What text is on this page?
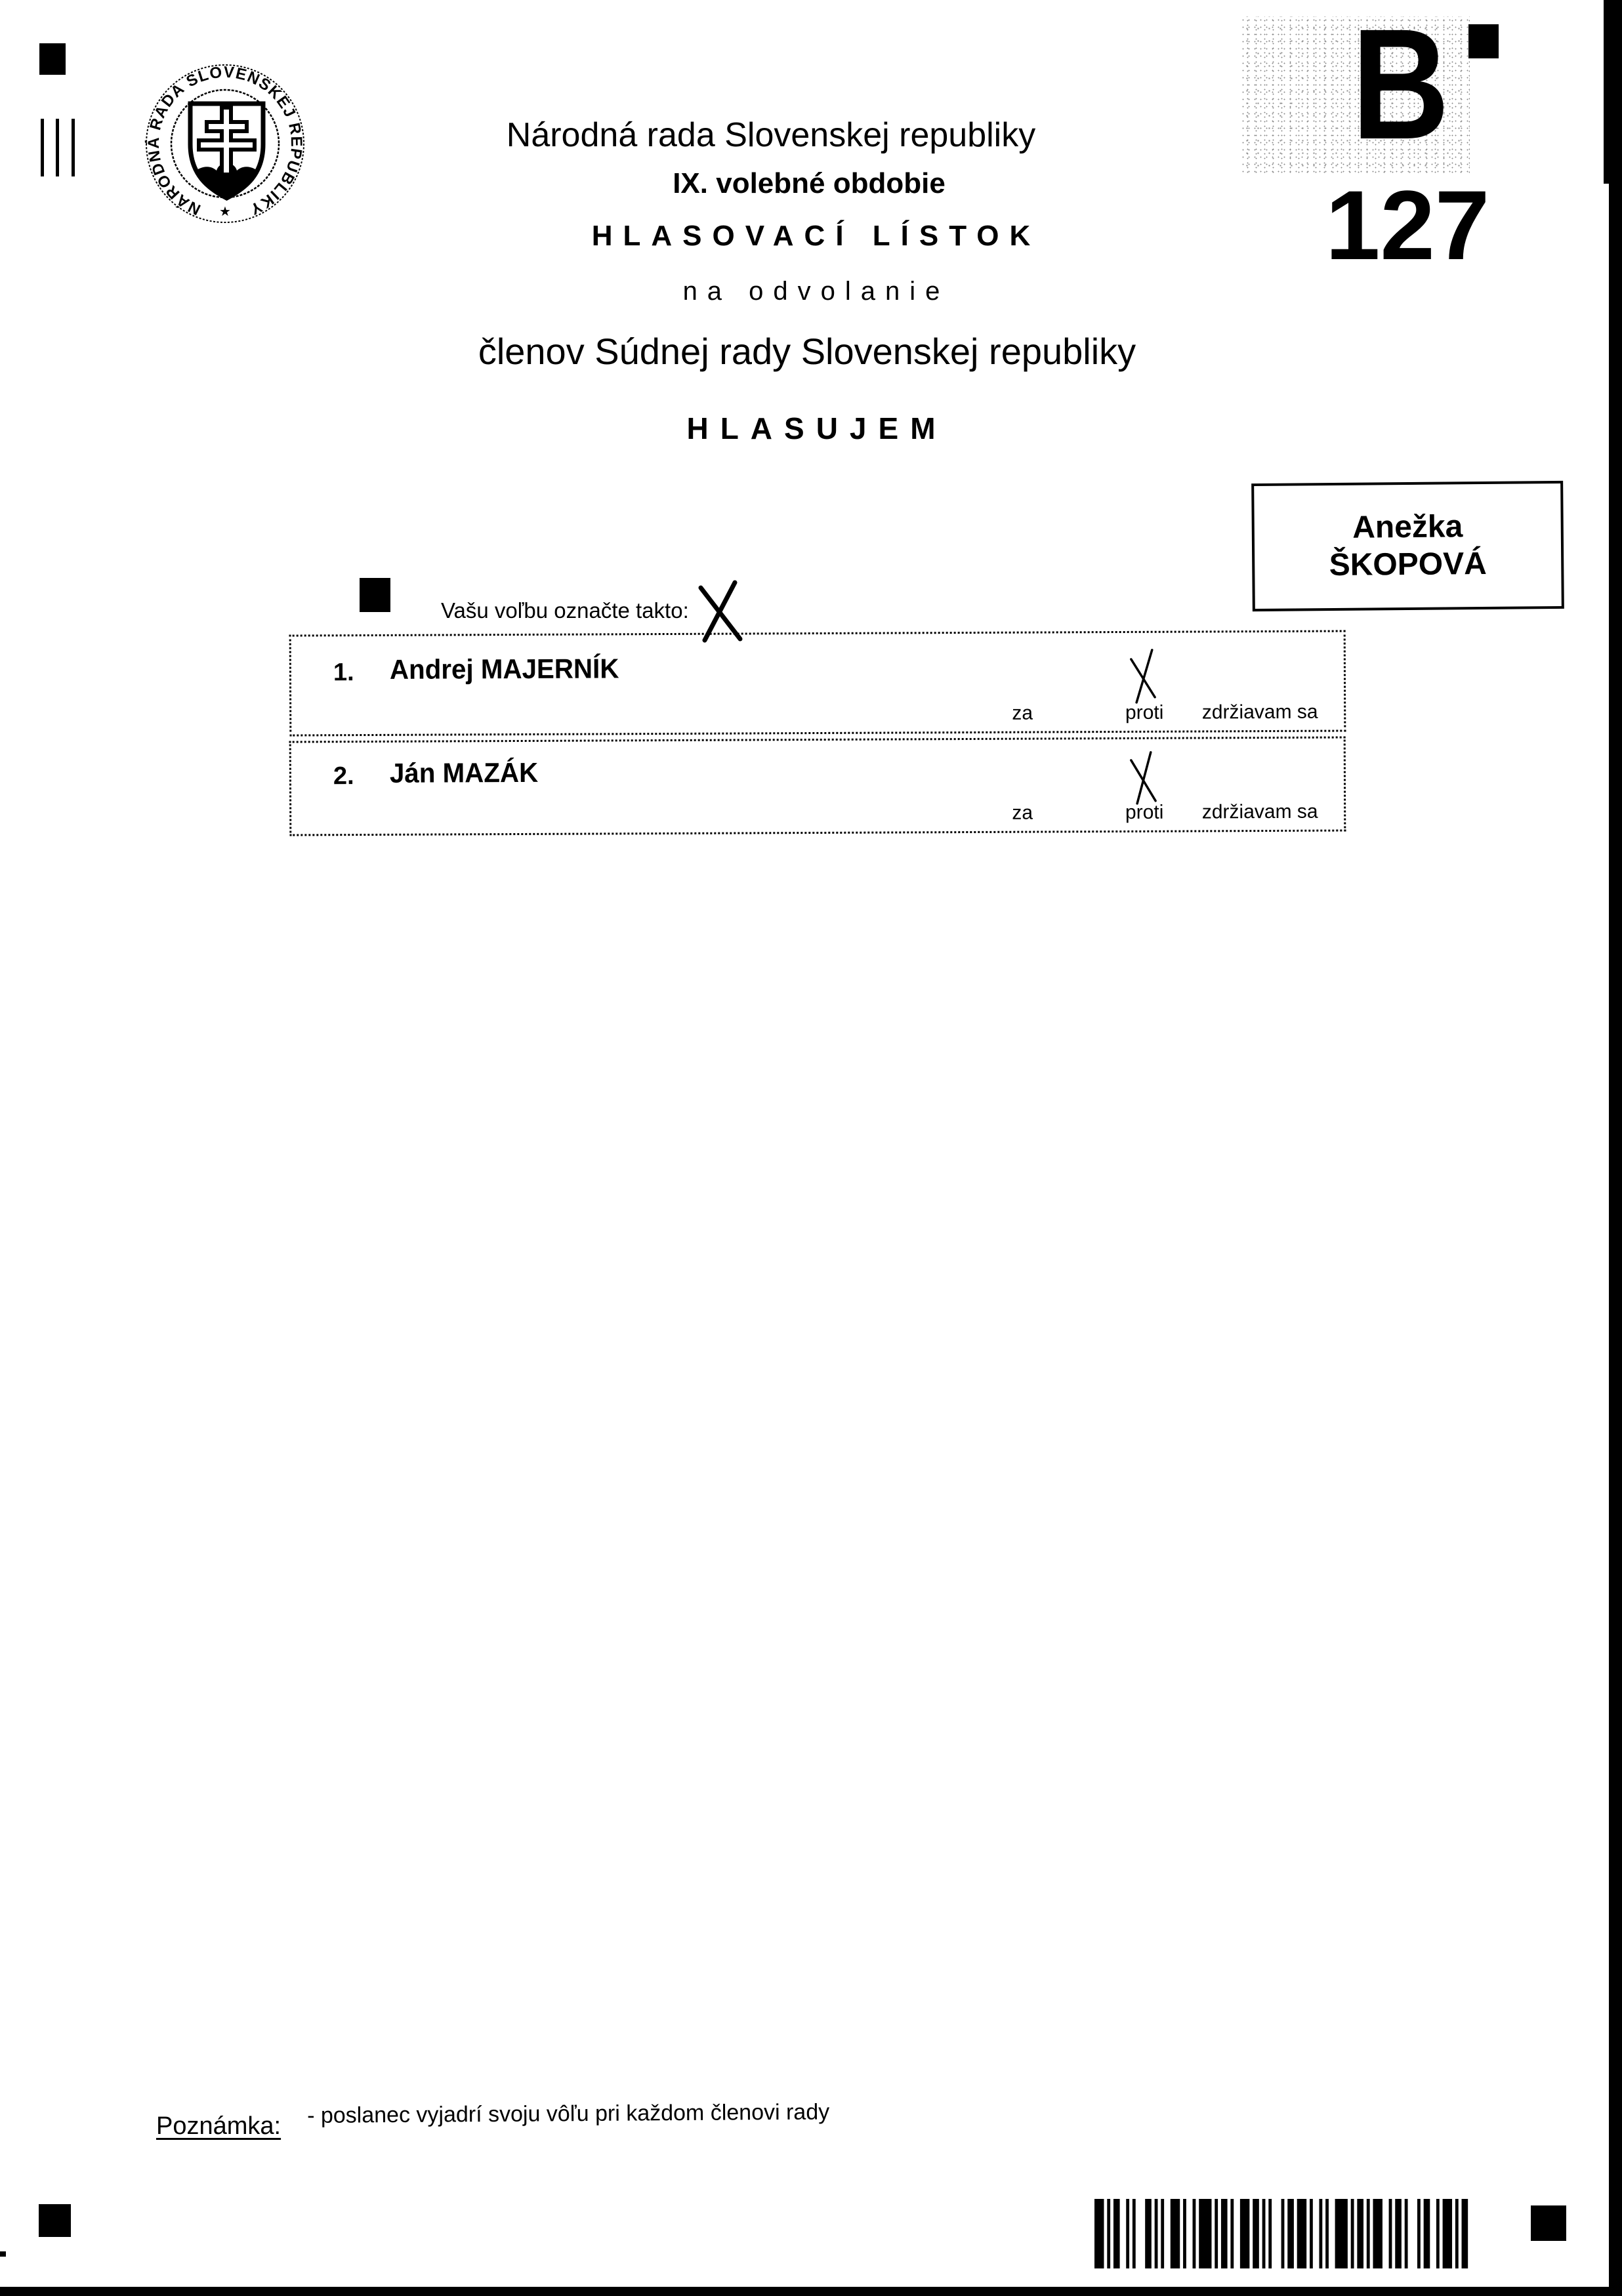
NÁRODNÁ RADA SLOVENSKEJ REPUBLIKY
★
Národná rada Slovenskej republiky
IX. volebné obdobie
HLASOVACÍ LÍSTOK
na odvolanie
členov Súdnej rady Slovenskej republiky
HLASUJEM
B
127
Anežka
ŠKOPOVÁ
Vašu voľbu označte takto:
1. Andrej MAJERNÍK
za	proti zdržiavam sa
2. Ján MAZÁK
za	proti zdržiavam sa
Poznámka: - poslanec vyjadrí svoju vôľu pri každom členovi rady
